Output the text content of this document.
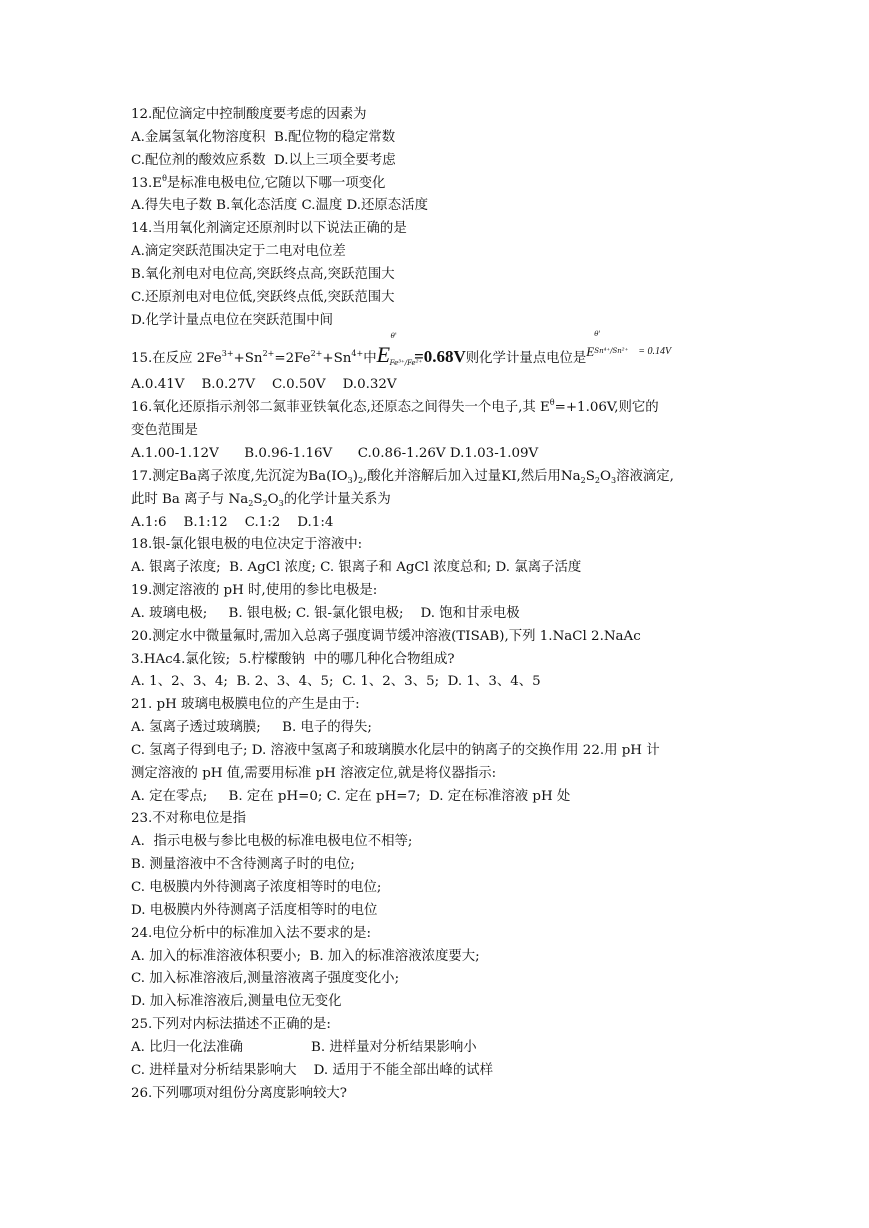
12.配位滴定中控制酸度要考虑的因素为
A.金属氢氧化物溶度积  B.配位物的稳定常数
C.配位剂的酸效应系数  D.以上三项全要考虑
$13.E^\theta$是标准电极电位,它随以下哪一项变化
A.得失电子数 B.氧化态活度 C.温度 D.还原态活度
14.当用氧化剂滴定还原剂时以下说法正确的是
A.滴定突跃范围决定于二电对电位差
B.氧化剂电对电位高,突跃终点高,突跃范围大
C.还原剂电对电位低,突跃终点低,突跃范围大
D.化学计量点电位在突跃范围中间
15.在反应 $2Fe^{3+}+Sn^{2+}=2Fe^{2+}+Sn^{4+}$中E
θ'
Fe³⁺/Fe²⁺
=0.68V则化学计量点电位是E
θ'
Sn⁴⁺/Sn²⁺ $^{= 0.14V}$
A.0.41V    B.0.27V    C.0.50V    D.0.32V
16.氧化还原指示剂邻二氮菲亚铁氧化态,还原态之间得失一个电子,其 $E^\theta=+1.06V$,则它的
变色范围是
A.1.00-1.12V      B.0.96-1.16V      C.0.86-1.26V D.1.03-1.09V
17.测定Ba离子浓度,先沉淀为$Ba(IO_3)_2$,酸化并溶解后加入过量KI,然后用$Na_2S_2O_3$溶液滴定,
此时 Ba 离子与 $Na_2S_2O_3$的化学计量关系为
A.1:6    B.1:12    C.1:2    D.1:4
18.银-氯化银电极的电位决定于溶液中:
A. 银离子浓度;  B. AgCl 浓度; C. 银离子和 AgCl 浓度总和; D. 氯离子活度
19.测定溶液的 pH 时,使用的参比电极是:
A. 玻璃电极;     B. 银电极; C. 银-氯化银电极;    D. 饱和甘汞电极
20.测定水中微量氟时,需加入总离子强度调节缓冲溶液(TISAB),下列 1.NaCl 2.NaAc
3.HAc4.氯化铵;  5.柠檬酸钠  中的哪几种化合物组成?
A. 1、2、3、4;  B. 2、3、4、5;  C. 1、2、3、5;  D. 1、3、4、5
21. pH 玻璃电极膜电位的产生是由于:
A. 氢离子透过玻璃膜;     B. 电子的得失;
C. 氢离子得到电子; D. 溶液中氢离子和玻璃膜水化层中的钠离子的交换作用 22.用 pH 计
测定溶液的 pH 值,需要用标准 pH 溶液定位,就是将仪器指示:
A. 定在零点;     B. 定在 pH=0; C. 定在 pH=7;  D. 定在标准溶液 pH 处
23.不对称电位是指
A.  指示电极与参比电极的标准电极电位不相等;
B. 测量溶液中不含待测离子时的电位;
C. 电极膜内外待测离子浓度相等时的电位;
D. 电极膜内外待测离子活度相等时的电位
24.电位分析中的标准加入法不要求的是:
A. 加入的标准溶液体积要小;  B. 加入的标准溶液浓度要大;
C. 加入标准溶液后,测量溶液离子强度变化小;
D. 加入标准溶液后,测量电位无变化
25.下列对内标法描述不正确的是:
A. 比归一化法准确                B. 进样量对分析结果影响小
C. 进样量对分析结果影响大    D. 适用于不能全部出峰的试样
26.下列哪项对组份分离度影响较大?
